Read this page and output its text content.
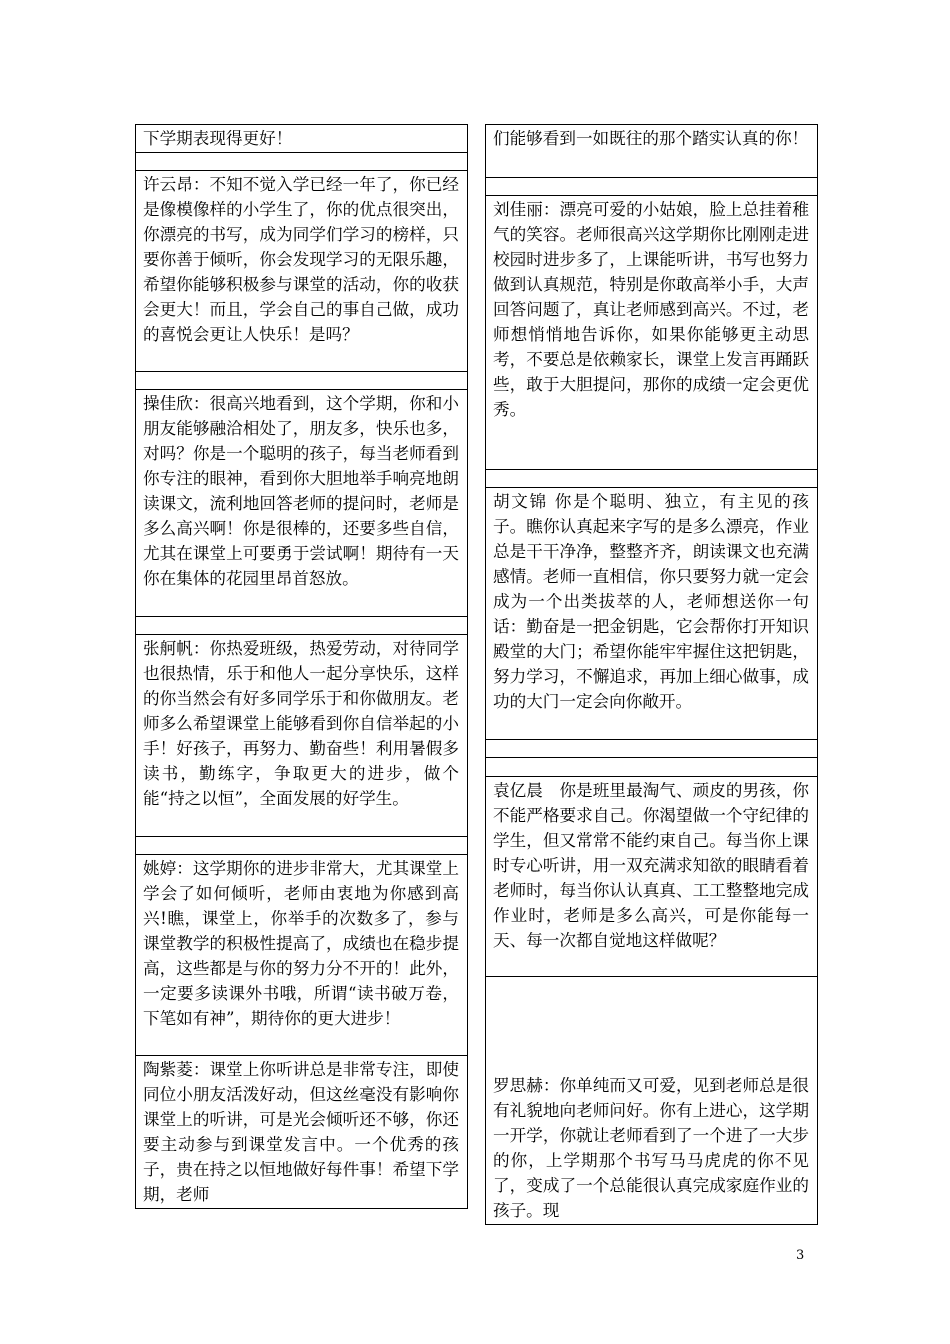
下学期表现得更好！

许云昂：不知不觉入学已经一年了，你已经是像模像样的小学生了，你的优点很突出，你漂亮的书写，成为同学们学习的榜样，只要你善于倾听，你会发现学习的无限乐趣，希望你能够积极参与课堂的活动，你的收获会更大！而且，学会自己的事自己做，成功的喜悦会更让人快乐！是吗？

操佳欣：很高兴地看到，这个学期，你和小朋友能够融洽相处了，朋友多，快乐也多，对吗？你是一个聪明的孩子，每当老师看到你专注的眼神，看到你大胆地举手响亮地朗读课文，流利地回答老师的提问时，老师是多么高兴啊！你是很棒的，还要多些自信，尤其在课堂上可要勇于尝试啊！期待有一天你在集体的花园里昂首怒放。

张舸帆：你热爱班级，热爱劳动，对待同学也很热情，乐于和他人一起分享快乐，这样的你当然会有好多同学乐于和你做朋友。老师多么希望课堂上能够看到你自信举起的小手！好孩子，再努力、勤奋些！利用暑假多读书，勤练字，争取更大的进步，做个能“持之以恒”，全面发展的好学生。

姚婷：这学期你的进步非常大，尤其课堂上学会了如何倾听，老师由衷地为你感到高兴!瞧，课堂上，你举手的次数多了，参与课堂教学的积极性提高了，成绩也在稳步提高，这些都是与你的努力分不开的！此外，一定要多读课外书哦，所谓“读书破万卷，下笔如有神”，期待你的更大进步！
陶紫菱：课堂上你听讲总是非常专注，即使同位小朋友活泼好动，但这丝毫没有影响你课堂上的听讲，可是光会倾听还不够，你还要主动参与到课堂发言中。一个优秀的孩子，贵在持之以恒地做好每件事！希望下学期，老师
们能够看到一如既往的那个踏实认真的你！

刘佳丽：漂亮可爱的小姑娘，脸上总挂着稚气的笑容。老师很高兴这学期你比刚刚走进校园时进步多了，上课能听讲，书写也努力做到认真规范，特别是你敢高举小手，大声回答问题了，真让老师感到高兴。不过，老师想悄悄地告诉你，如果你能够更主动思考，不要总是依赖家长，课堂上发言再踊跃些，敢于大胆提问，那你的成绩一定会更优秀。

胡文锦 你是个聪明、独立，有主见的孩子。瞧你认真起来字写的是多么漂亮，作业总是干干净净，整整齐齐，朗读课文也充满感情。老师一直相信，你只要努力就一定会成为一个出类拔萃的人，老师想送你一句话：勤奋是一把金钥匙，它会帮你打开知识殿堂的大门；希望你能牢牢握住这把钥匙，努力学习，不懈追求，再加上细心做事，成功的大门一定会向你敞开。

袁亿晨　你是班里最淘气、顽皮的男孩，你不能严格要求自己。你渴望做一个守纪律的学生，但又常常不能约束自己。每当你上课时专心听讲，用一双充满求知欲的眼睛看着老师时，每当你认认真真、工工整整地完成作业时，老师是多么高兴，可是你能每一天、每一次都自觉地这样做呢？
罗思赫：你单纯而又可爱，见到老师总是很有礼貌地向老师问好。你有上进心，这学期一开学，你就让老师看到了一个进了一大步的你，上学期那个书写马马虎虎的你不见了，变成了一个总能很认真完成家庭作业的孩子。现
3
